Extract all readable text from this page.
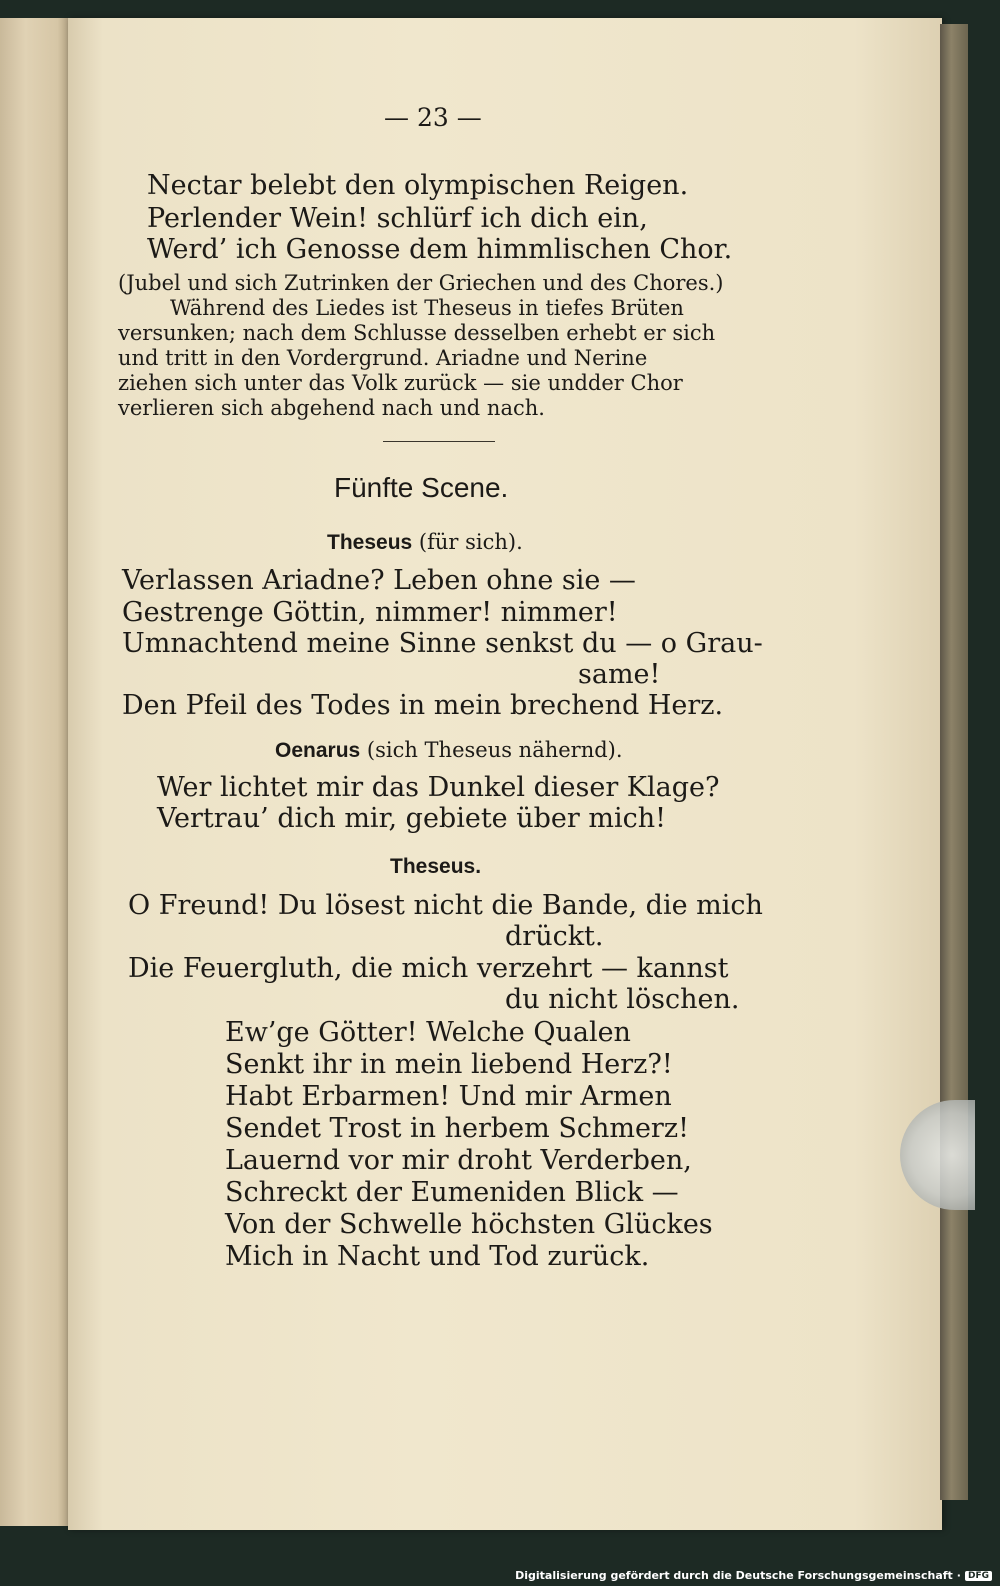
— 23 —
Nectar belebt den olympischen Reigen.
Perlender Wein! schlürf ich dich ein,
Werd’ ich Genosse dem himmlischen Chor.
(Jubel und sich Zutrinken der Griechen und des Chores.)
Während des Liedes ist Theseus in tiefes Brüten
versunken; nach dem Schlusse desselben erhebt er sich
und tritt in den Vordergrund. Ariadne und Nerine
ziehen sich unter das Volk zurück — sie undder Chor
verlieren sich abgehend nach und nach.
Fünfte Scene.
Theseus (für sich).
Verlassen Ariadne? Leben ohne sie —
Gestrenge Göttin, nimmer! nimmer!
Umnachtend meine Sinne senkst du — o Grau-
same!
Den Pfeil des Todes in mein brechend Herz.
Oenarus (sich Theseus nähernd).
Wer lichtet mir das Dunkel dieser Klage?
Vertrau’ dich mir, gebiete über mich!
Theseus.
O Freund! Du lösest nicht die Bande, die mich
drückt.
Die Feuergluth, die mich verzehrt — kannst
du nicht löschen.
Ew’ge Götter! Welche Qualen
Senkt ihr in mein liebend Herz?!
Habt Erbarmen! Und mir Armen
Sendet Trost in herbem Schmerz!
Lauernd vor mir droht Verderben,
Schreckt der Eumeniden Blick —
Von der Schwelle höchsten Glückes
Mich in Nacht und Tod zurück.
Digitalisierung gefördert durch die Deutsche Forschungsgemeinschaft · DFG
